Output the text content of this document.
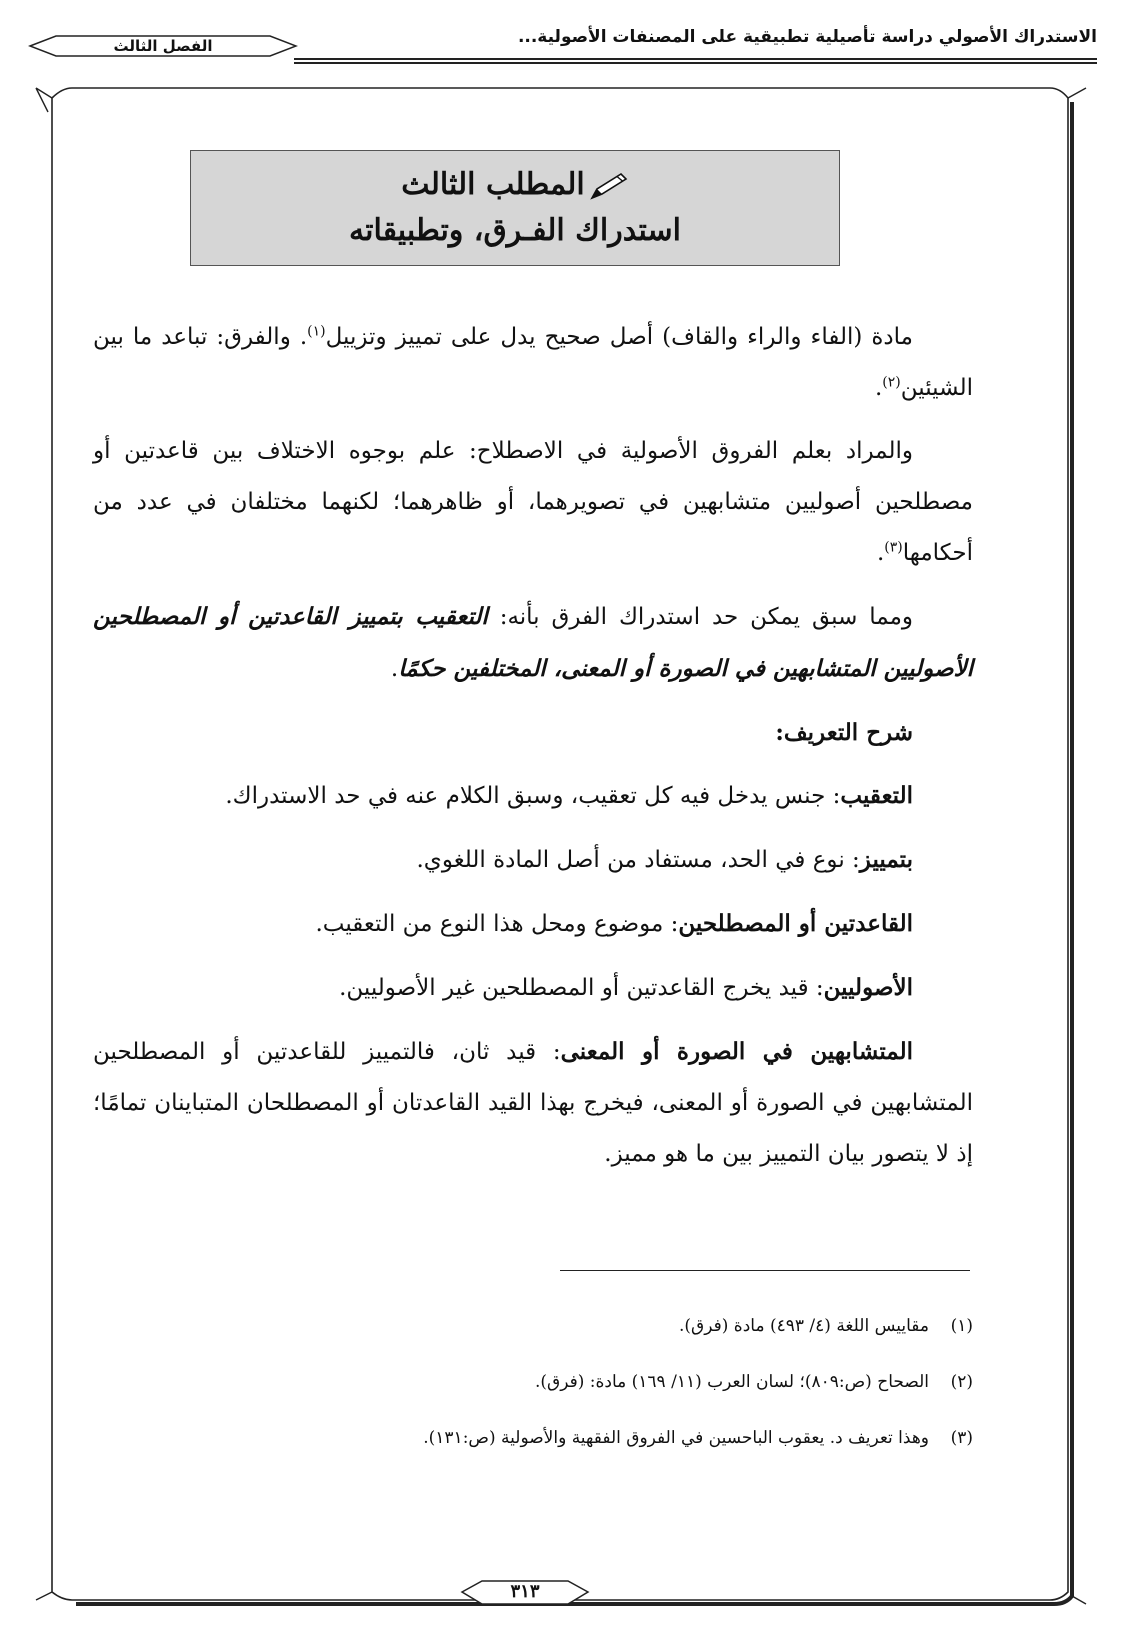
الاستدراك الأصولي دراسة تأصيلية تطبيقية على المصنفات الأصولية...
الفصل الثالث
المطلب الثالث
استدراك الفـرق، وتطبيقاته

مادة (الفاء والراء والقاف) أصل صحيح يدل على تمييز وتزييل$^{(١)}$. والفرق: تباعد ما بين الشيئين$^{(٢)}$.

والمراد بعلم الفروق الأصولية في الاصطلاح: علم بوجوه الاختلاف بين قاعدتين أو مصطلحين أصوليين متشابهين في تصويرهما، أو ظاهرهما؛ لكنهما مختلفان في عدد من أحكامها$^{(٣)}$.

ومما سبق يمكن حد استدراك الفرق بأنه: التعقيب بتمييز القاعدتين أو المصطلحين الأصوليين المتشابهين في الصورة أو المعنى، المختلفين حكمًا.

شرح التعريف:

التعقيب: جنس يدخل فيه كل تعقيب، وسبق الكلام عنه في حد الاستدراك.

بتمييز: نوع في الحد، مستفاد من أصل المادة اللغوي.

القاعدتين أو المصطلحين: موضوع ومحل هذا النوع من التعقيب.

الأصوليين: قيد يخرج القاعدتين أو المصطلحين غير الأصوليين.

المتشابهين في الصورة أو المعنى: قيد ثان، فالتمييز للقاعدتين أو المصطلحين المتشابهين في الصورة أو المعنى، فيخرج بهذا القيد القاعدتان أو المصطلحان المتباينان تمامًا؛ إذ لا يتصور بيان التمييز بين ما هو مميز.

(١)مقاييس اللغة (٤/ ٤٩٣) مادة (فرق).
(٢)الصحاح (ص:٨٠٩)؛ لسان العرب (١١/ ١٦٩) مادة: (فرق).
(٣)وهذا تعريف د. يعقوب الباحسين في الفروق الفقهية والأصولية (ص:١٣١).
٣١٣
